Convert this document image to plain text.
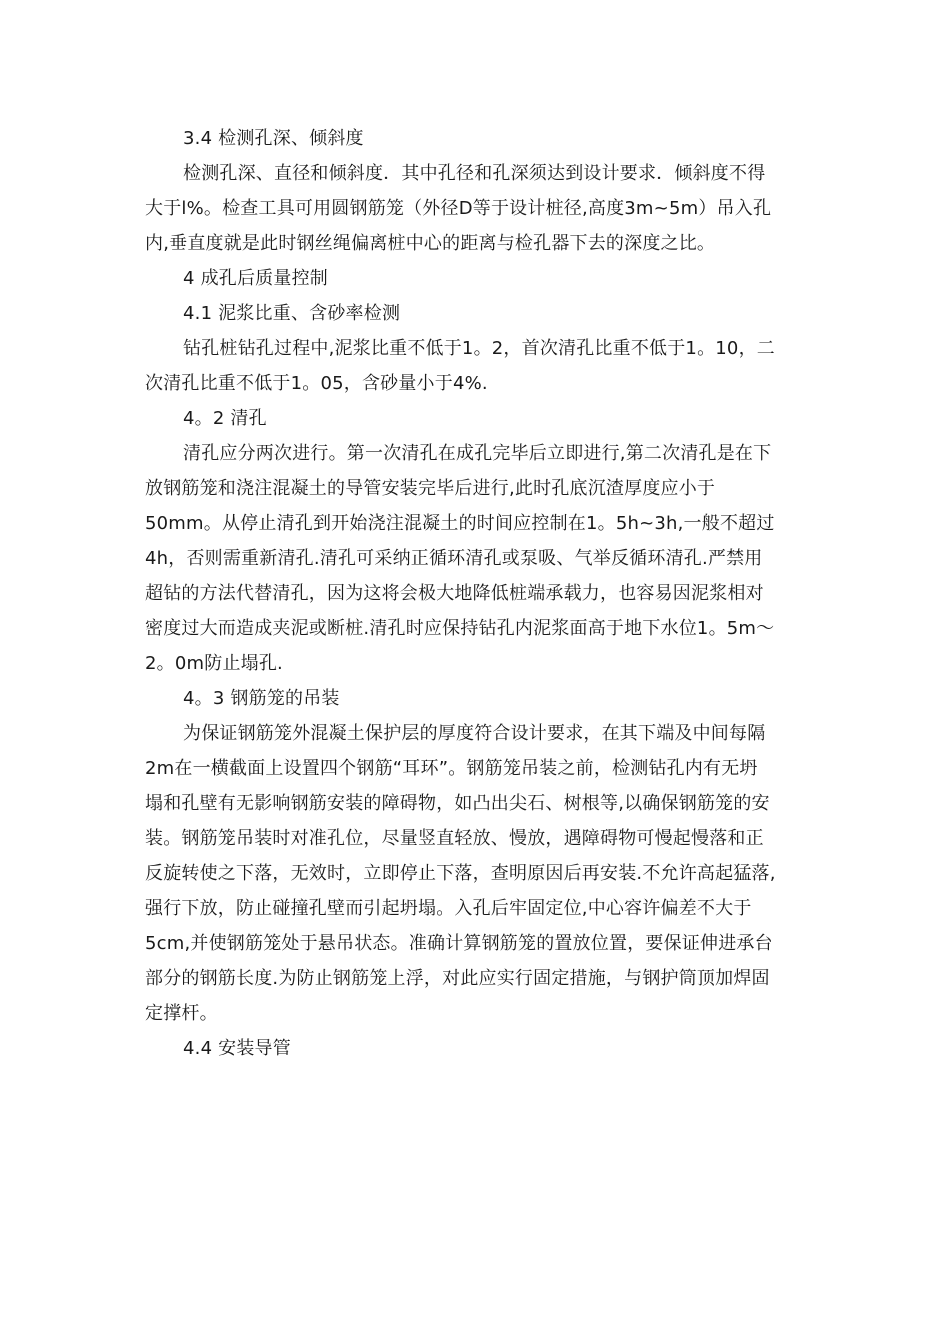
3.4 检测孔深、倾斜度
检测孔深、直径和倾斜度．其中孔径和孔深须达到设计要求．倾斜度不得
大于l%。检查工具可用圆钢筋笼（外径D等于设计桩径,高度3m~5m）吊入孔
内,垂直度就是此时钢丝绳偏离桩中心的距离与检孔器下去的深度之比。
4 成孔后质量控制
4.1 泥浆比重、含砂率检测
钻孔桩钻孔过程中,泥浆比重不低于1。2，首次清孔比重不低于1。10，二
次清孔比重不低于1。05，含砂量小于4%.
4。2 清孔
清孔应分两次进行。第一次清孔在成孔完毕后立即进行,第二次清孔是在下
放钢筋笼和浇注混凝土的导管安装完毕后进行,此时孔底沉渣厚度应小于
50mm。从停止清孔到开始浇注混凝土的时间应控制在1。5h~3h,一般不超过
4h，否则需重新清孔.清孔可采纳正循环清孔或泵吸、气举反循环清孔.严禁用
超钻的方法代替清孔，因为这将会极大地降低桩端承载力，也容易因泥浆相对
密度过大而造成夹泥或断桩.清孔时应保持钻孔内泥浆面高于地下水位1。5m～
2。0m防止塌孔.
4。3 钢筋笼的吊装
为保证钢筋笼外混凝土保护层的厚度符合设计要求，在其下端及中间每隔
2m在一横截面上设置四个钢筋“耳环”。钢筋笼吊装之前，检测钻孔内有无坍
塌和孔壁有无影响钢筋安装的障碍物，如凸出尖石、树根等,以确保钢筋笼的安
装。钢筋笼吊装时对准孔位，尽量竖直轻放、慢放，遇障碍物可慢起慢落和正
反旋转使之下落，无效时，立即停止下落，查明原因后再安装.不允许高起猛落,
强行下放，防止碰撞孔壁而引起坍塌。入孔后牢固定位,中心容许偏差不大于
5cm,并使钢筋笼处于悬吊状态。准确计算钢筋笼的置放位置，要保证伸进承台
部分的钢筋长度.为防止钢筋笼上浮，对此应实行固定措施，与钢护筒顶加焊固
定撑杆。
4.4 安装导管
